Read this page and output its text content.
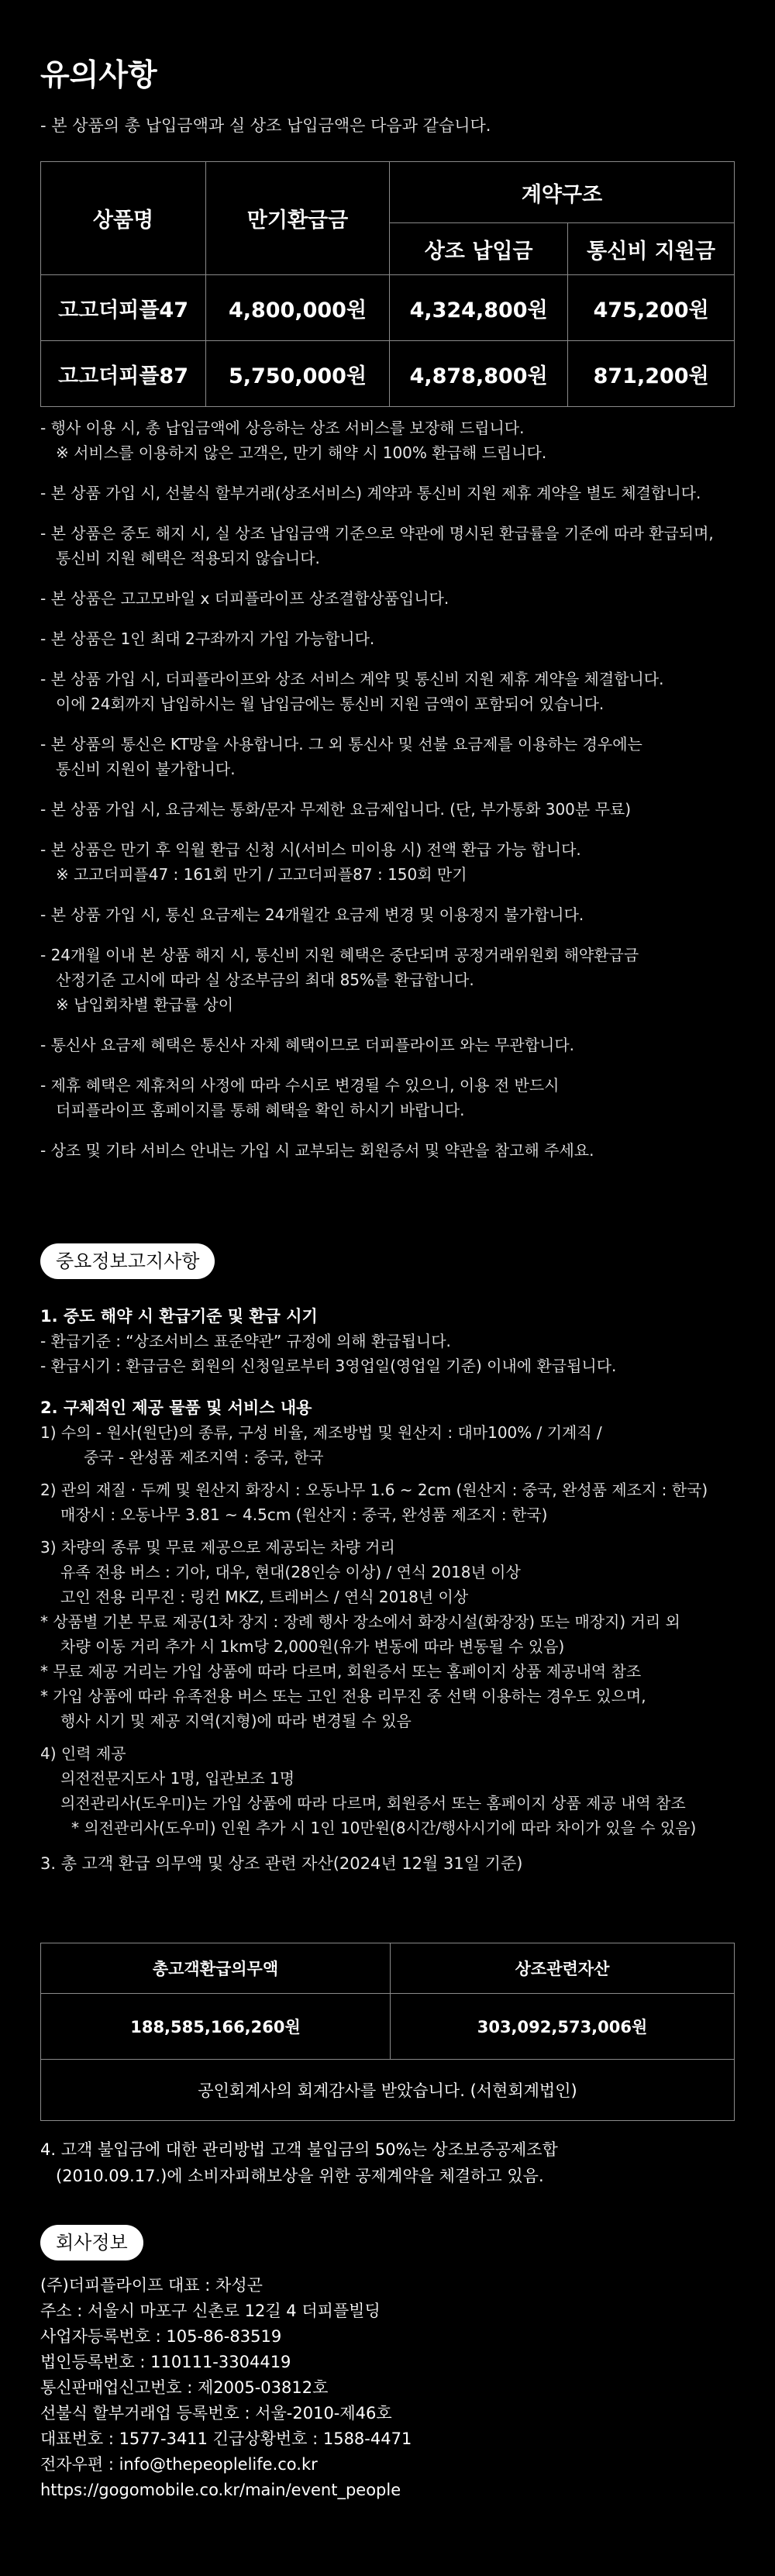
유의사항
- 본 상품의 총 납입금액과 실 상조 납입금액은 다음과 같습니다.
상품명	만기환급금	계약구조	
		상조 납입금	통신비 지원금
고고더피플47	4,800,000원	4,324,800원	475,200원
고고더피플87	5,750,000원	4,878,800원	871,200원
- 행사 이용 시, 총 납입금액에 상응하는 상조 서비스를 보장해 드립니다.
※ 서비스를 이용하지 않은 고객은, 만기 해약 시 100% 환급해 드립니다.
- 본 상품 가입 시, 선불식 할부거래(상조서비스) 계약과 통신비 지원 제휴 계약을 별도 체결합니다.
- 본 상품은 중도 해지 시, 실 상조 납입금액 기준으로 약관에 명시된 환급률을 기준에 따라 환급되며,
통신비 지원 혜택은 적용되지 않습니다.
- 본 상품은 고고모바일 x 더피플라이프 상조결합상품입니다.
- 본 상품은 1인 최대 2구좌까지 가입 가능합니다.
- 본 상품 가입 시, 더피플라이프와 상조 서비스 계약 및 통신비 지원 제휴 계약을 체결합니다.
이에 24회까지 납입하시는 월 납입금에는 통신비 지원 금액이 포함되어 있습니다.
- 본 상품의 통신은 KT망을 사용합니다. 그 외 통신사 및 선불 요금제를 이용하는 경우에는
통신비 지원이 불가합니다.
- 본 상품 가입 시, 요금제는 통화/문자 무제한 요금제입니다. (단, 부가통화 300분 무료)
- 본 상품은 만기 후 익월 환급 신청 시(서비스 미이용 시) 전액 환급 가능 합니다.
※ 고고더피플47 : 161회 만기 / 고고더피플87 : 150회 만기
- 본 상품 가입 시, 통신 요금제는 24개월간 요금제 변경 및 이용정지 불가합니다.
- 24개월 이내 본 상품 해지 시, 통신비 지원 혜택은 중단되며 공정거래위원회 해약환급금
산정기준 고시에 따라 실 상조부금의 최대 85%를 환급합니다.
※ 납입회차별 환급률 상이
- 통신사 요금제 혜택은 통신사 자체 혜택이므로 더피플라이프 와는 무관합니다.
- 제휴 혜택은 제휴처의 사정에 따라 수시로 변경될 수 있으니, 이용 전 반드시
더피플라이프 홈페이지를 통해 혜택을 확인 하시기 바랍니다.
- 상조 및 기타 서비스 안내는 가입 시 교부되는 회원증서 및 약관을 참고해 주세요.
중요정보고지사항
1. 중도 해약 시 환급기준 및 환급 시기
- 환급기준 : “상조서비스 표준약관” 규정에 의해 환급됩니다.
- 환급시기 : 환급금은 회원의 신청일로부터 3영업일(영업일 기준) 이내에 환급됩니다.
2. 구체적인 제공 물품 및 서비스 내용
1) 수의 - 원사(원단)의 종류, 구성 비율, 제조방법 및 원산지 : 대마100% / 기계직 /
중국 - 완성품 제조지역 : 중국, 한국
2) 관의 재질 · 두께 및 원산지 화장시 : 오동나무 1.6 ~ 2cm (원산지 : 중국, 완성품 제조지 : 한국)
매장시 : 오동나무 3.81 ~ 4.5cm (원산지 : 중국, 완성품 제조지 : 한국)
3) 차량의 종류 및 무료 제공으로 제공되는 차량 거리
유족 전용 버스 : 기아, 대우, 현대(28인승 이상) / 연식 2018년 이상
고인 전용 리무진 : 링컨 MKZ, 트레버스 / 연식 2018년 이상
* 상품별 기본 무료 제공(1차 장지 : 장례 행사 장소에서 화장시설(화장장) 또는 매장지) 거리 외
차량 이동 거리 추가 시 1km당 2,000원(유가 변동에 따라 변동될 수 있음)
* 무료 제공 거리는 가입 상품에 따라 다르며, 회원증서 또는 홈페이지 상품 제공내역 참조
* 가입 상품에 따라 유족전용 버스 또는 고인 전용 리무진 중 선택 이용하는 경우도 있으며,
행사 시기 및 제공 지역(지형)에 따라 변경될 수 있음
4) 인력 제공
의전전문지도사 1명, 입관보조 1명
의전관리사(도우미)는 가입 상품에 따라 다르며, 회원증서 또는 홈페이지 상품 제공 내역 참조
* 의전관리사(도우미) 인원 추가 시 1인 10만원(8시간/행사시기에 따라 차이가 있을 수 있음)
3. 총 고객 환급 의무액 및 상조 관련 자산(2024년 12월 31일 기준)
총고객환급의무액	상조관련자산
188,585,166,260원	303,092,573,006원
공인회계사의 회계감사를 받았습니다. (서현회계법인)	
4. 고객 불입금에 대한 관리방법 고객 불입금의 50%는 상조보증공제조합
(2010.09.17.)에 소비자피해보상을 위한 공제계약을 체결하고 있음.
회사정보
(주)더피플라이프 대표 : 차성곤
주소 : 서울시 마포구 신촌로 12길 4 더피플빌딩
사업자등록번호 : 105-86-83519
법인등록번호 : 110111-3304419
통신판매업신고번호 : 제2005-03812호
선불식 할부거래업 등록번호 : 서울-2010-제46호
대표번호 : 1577-3411 긴급상황번호 : 1588-4471
전자우편 : info@thepeoplelife.co.kr
https://gogomobile.co.kr/main/event_people
